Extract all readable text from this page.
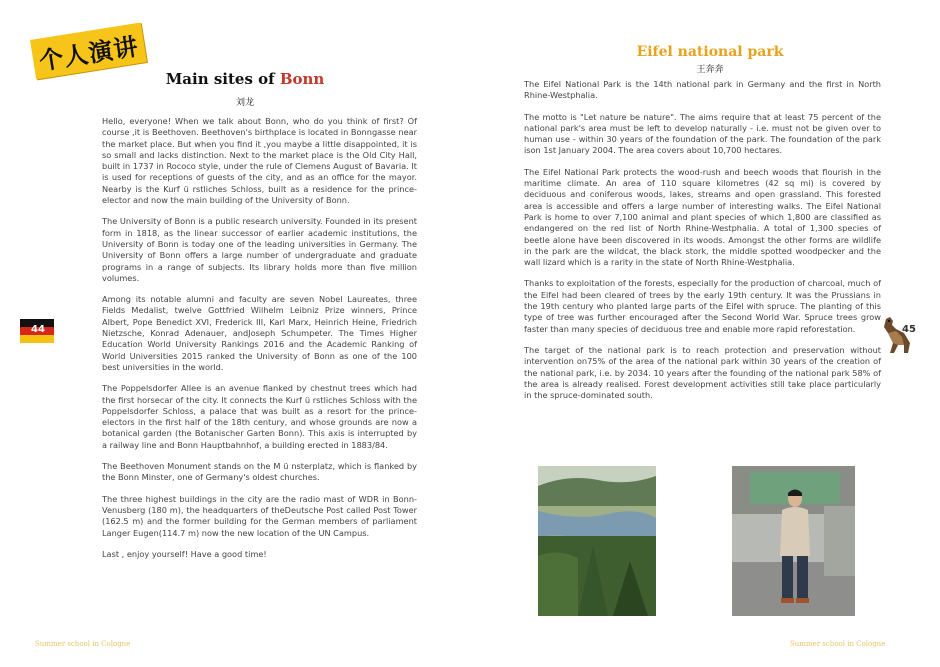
个人演讲
Main sites of Bonn
刘龙

Hello, everyone! When we talk about Bonn, who do you think of first? Of course ,it is Beethoven. Beethoven's birthplace is located in Bonngasse near the market place. But when you find it ,you maybe a little disappointed, it is so small and lacks distinction. Next to the market place is the Old City Hall, built in 1737 in Rococo style, under the rule of Clemens August of Bavaria. It is used for receptions of guests of the city, and as an office for the mayor. Nearby is the Kurf ü rstliches Schloss, built as a residence for the prince-elector and now the main building of the University of Bonn.

The University of Bonn is a public research university. Founded in its present form in 1818, as the linear successor of earlier academic institutions, the University of Bonn is today one of the leading universities in Germany. The University of Bonn offers a large number of undergraduate and graduate programs in a range of subjects. Its library holds more than five million volumes.

Among its notable alumni and faculty are seven Nobel Laureates, three Fields Medalist, twelve Gottfried Wilhelm Leibniz Prize winners, Prince Albert, Pope Benedict XVI, Frederick III, Karl Marx, Heinrich Heine, Friedrich Nietzsche, Konrad Adenauer, andJoseph Schumpeter. The Times Higher Education World University Rankings 2016 and the Academic Ranking of World Universities 2015 ranked the University of Bonn as one of the 100 best universities in the world.

The Poppelsdorfer Allee is an avenue flanked by chestnut trees which had the first horsecar of the city. It connects the Kurf ü rstliches Schloss with the Poppelsdorfer Schloss, a palace that was built as a resort for the prince-electors in the first half of the 18th century, and whose grounds are now a botanical garden (the Botanischer Garten Bonn). This axis is interrupted by a railway line and Bonn Hauptbahnhof, a building erected in 1883/84.

The Beethoven Monument stands on the M ü nsterplatz, which is flanked by the Bonn Minster, one of Germany's oldest churches.

The three highest buildings in the city are the radio mast of WDR in Bonn-Venusberg (180 m), the headquarters of theDeutsche Post called Post Tower (162.5 m) and the former building for the German members of parliament Langer Eugen(114.7 m) now the new location of the UN Campus.

Last , enjoy yourself! Have a good time!

44
Summer school in Cologne
Eifel national park
王奔奔

The Eifel National Park is the 14th national park in Germany and the first in North Rhine-Westphalia.

The motto is "Let nature be nature". The aims require that at least 75 percent of the national park's area must be left to develop naturally - i.e. must not be given over to human use - within 30 years of the foundation of the park. The foundation of the park ison 1st January 2004. The area covers about 10,700 hectares.

The Eifel National Park protects the wood-rush and beech woods that flourish in the maritime climate. An area of 110 square kilometres (42 sq mi) is covered by deciduous and coniferous woods, lakes, streams and open grassland. This forested area is accessible and offers a large number of interesting walks. The Eifel National Park is home to over 7,100 animal and plant species of which 1,800 are classified as endangered on the red list of North Rhine-Westphalia. A total of 1,300 species of beetle alone have been discovered in its woods. Amongst the other forms are wildlife in the park are the wildcat, the black stork, the middle spotted woodpecker and the wall lizard which is a rarity in the state of North Rhine-Westphalia.

Thanks to exploitation of the forests, especially for the production of charcoal, much of the Eifel had been cleared of trees by the early 19th century. It was the Prussians in the 19th century who planted large parts of the Eifel with spruce. The planting of this type of tree was further encouraged after the Second World War. Spruce trees grow faster than many species of deciduous tree and enable more rapid reforestation.

The target of the national park is to reach protection and preservation without intervention on75% of the area of the national park within 30 years of the creation of the national park, i.e. by 2034. 10 years after the founding of the national park 58% of the area is already realised. Forest development activities still take place particularly in the spruce-dominated south.

45
Summer school in Cologne
